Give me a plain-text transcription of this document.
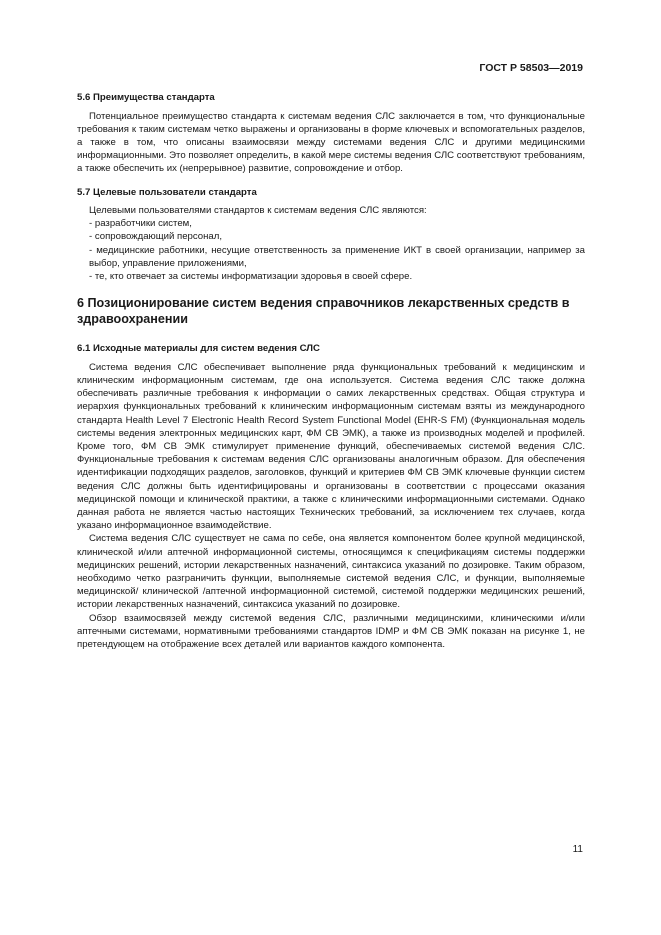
ГОСТ Р 58503—2019
5.6 Преимущества стандарта

Потенциальное преимущество стандарта к системам ведения СЛС заключается в том, что функциональные требования к таким системам четко выражены и организованы в форме ключевых и вспомогательных разделов, а также в том, что описаны взаимосвязи между системами ведения СЛС и другими медицинскими информационными. Это позволяет определить, в какой мере системы ведения СЛС соответствуют требованиям, а также обеспечить их (непрерывное) развитие, сопровождение и отбор.

5.7 Целевые пользователи стандарта

Целевыми пользователями стандартов к системам ведения СЛС являются:

- разработчики систем,

- сопровождающий персонал,

- медицинские работники, несущие ответственность за применение ИКТ в своей организации, например за выбор, управление приложениями,

- те, кто отвечает за системы информатизации здоровья в своей сфере.

6 Позиционирование систем ведения справочников лекарственных средств в здравоохранении
6.1 Исходные материалы для систем ведения СЛС

Система ведения СЛС обеспечивает выполнение ряда функциональных требований к медицинским и клиническим информационным системам, где она используется. Система ведения СЛС также должна обеспечивать различные требования к информации о самих лекарственных средствах. Общая структура и иерархия функциональных требований к клиническим информационным системам взяты из международного стандарта Health Level 7 Electronic Health Record System Functional Model (EHR-S FM) (Функциональная модель системы ведения электронных медицинских карт, ФМ СВ ЭМК), а также из производных моделей и профилей. Кроме того, ФМ СВ ЭМК стимулирует применение функций, обеспечиваемых системой ведения СЛС. Функциональные требования к системам ведения СЛС организованы аналогичным образом. Для обеспечения идентификации подходящих разделов, заголовков, функций и критериев ФМ СВ ЭМК ключевые функции систем ведения СЛС должны быть идентифицированы и организованы в соответствии с процессами оказания медицинской помощи и клинической практики, а также с клиническими информационными системами. Однако данная работа не является частью настоящих Технических требований, за исключением тех случаев, когда указано информационное взаимодействие.

Система ведения СЛС существует не сама по себе, она является компонентом более крупной медицинской, клинической и/или аптечной информационной системы, относящимся к спецификациям системы поддержки медицинских решений, истории лекарственных назначений, синтаксиса указаний по дозировке. Таким образом, необходимо четко разграничить функции, выполняемые системой ведения СЛС, и функции, выполняемые медицинской/ клинической /аптечной информационной системой, системой поддержки медицинских решений, истории лекарственных назначений, синтаксиса указаний по дозировке.

Обзор взаимосвязей между системой ведения СЛС, различными медицинскими, клиническими и/или аптечными системами, нормативными требованиями стандартов IDMP и ФМ СВ ЭМК показан на рисунке 1, не претендующем на отображение всех деталей или вариантов каждого компонента.

11
